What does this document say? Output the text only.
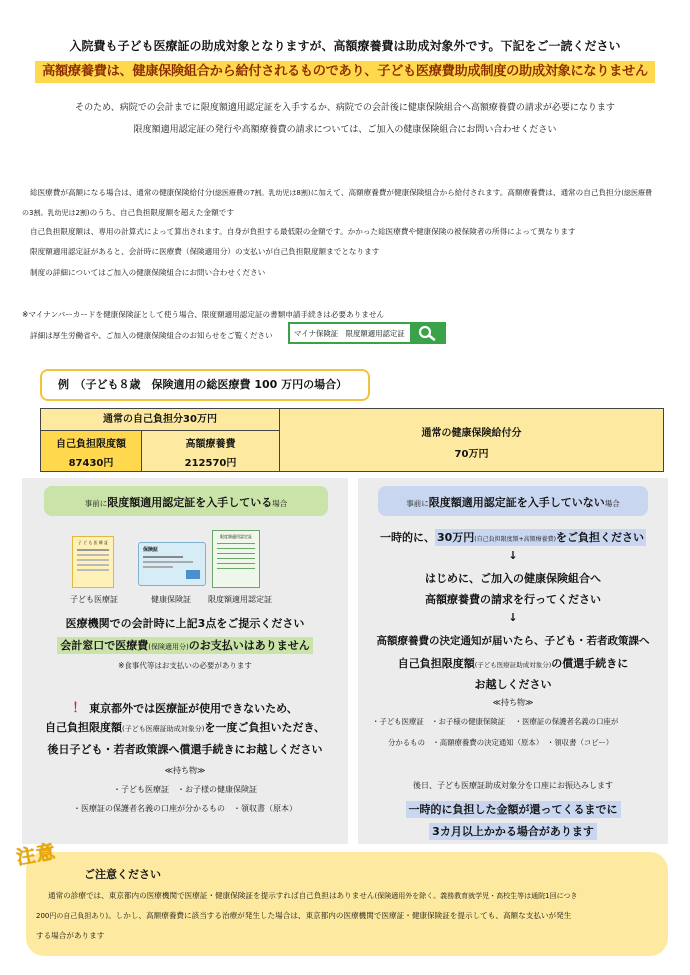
入院費も子ども医療証の助成対象となりますが、高額療養費は助成対象外です。下記をご一読ください
高額療養費は、健康保険組合から給付されるものであり、子ども医療費助成制度の助成対象になりません
そのため、病院での会計までに限度額適用認定証を入手するか、病院での会計後に健康保険組合へ高額療養費の請求が必要になります
限度額適用認定証の発行や高額療養費の請求については、ご加入の健康保険組合にお問い合わせください
総医療費が高額になる場合は、通常の健康保険給付分(総医療費の7割。乳幼児は8割)に加えて、高額療養費が健康保険組合から給付されます。高額療養費は、通常の自己負担分(総医療費
の3割。乳幼児は2割)のうち、自己負担限度額を超えた金額です
自己負担限度額は、専用の計算式によって算出されます。自身が負担する最低限の金額です。かかった総医療費や健康保険の被保険者の所得によって異なります
限度額適用認定証があると、会計時に医療費（保険適用分）の支払いが自己負担限度額までとなります
制度の詳細についてはご加入の健康保険組合にお問い合わせください
※マイナンバーカードを健康保険証として使う場合、限度額適用認定証の書類申請手続きは必要ありません
詳細は厚生労働省や、ご加入の健康保険組合のお知らせをご覧ください	マイナ保険証　限度額適用認定証
例　（子ども８歳　保険適用の総医療費 100 万円の場合）
通常の自己負担分30万円
自己負担限度額
87430円
高額療養費
212570円
通常の健康保険給付分
70万円
事前に限度額適用認定証を入手している場合
子 ど も 医 療 証
保険証
限度額適用認定証
子ども医療証	健康保険証	限度額適用認定証
医療機関での会計時に上記3点をご提示ください
会計窓口で医療費(保険適用分)のお支払いはありません
※食事代等はお支払いの必要があります
！ 東京都外では医療証が使用できないため、
自己負担限度額(子ども医療証助成対象分)を一度ご負担いただき、
後日子ども・若者政策課へ償還手続きにお越しください
≪持ち物≫
・子ども医療証　・お子様の健康保険証
・医療証の保護者名義の口座が分かるもの　・領収書（原本）
事前に限度額適用認定証を入手していない場合
一時的に、 30万円(自己負担限度額+高額療養費)をご負担ください
↓
はじめに、ご加入の健康保険組合へ
高額療養費の請求を行ってください
↓
高額療養費の決定通知が届いたら、子ども・若者政策課へ
自己負担限度額(子ども医療証助成対象分)の償還手続きに
お越しください
≪持ち物≫
・子ども医療証　・お子様の健康保険証　 ・医療証の保護者名義の口座が
分かるもの　・高額療養費の決定通知（原本）　・領収書（コピー）
後日、子ども医療証助成対象分を口座にお振込みします
一時的に負担した金額が還ってくるまでに
3カ月以上かかる場合があります
ご注意ください
通常の診療では、東京都内の医療機関で医療証・健康保険証を提示すれば自己負担はありません(保険適用外を除く。義務教育就学児・高校生等は通院1回につき
200円の自己負担あり)。しかし、高額療養費に該当する治療が発生した場合は、東京都内の医療機関で医療証・健康保険証を提示しても、高額な支払いが発生
する場合があります
注意
